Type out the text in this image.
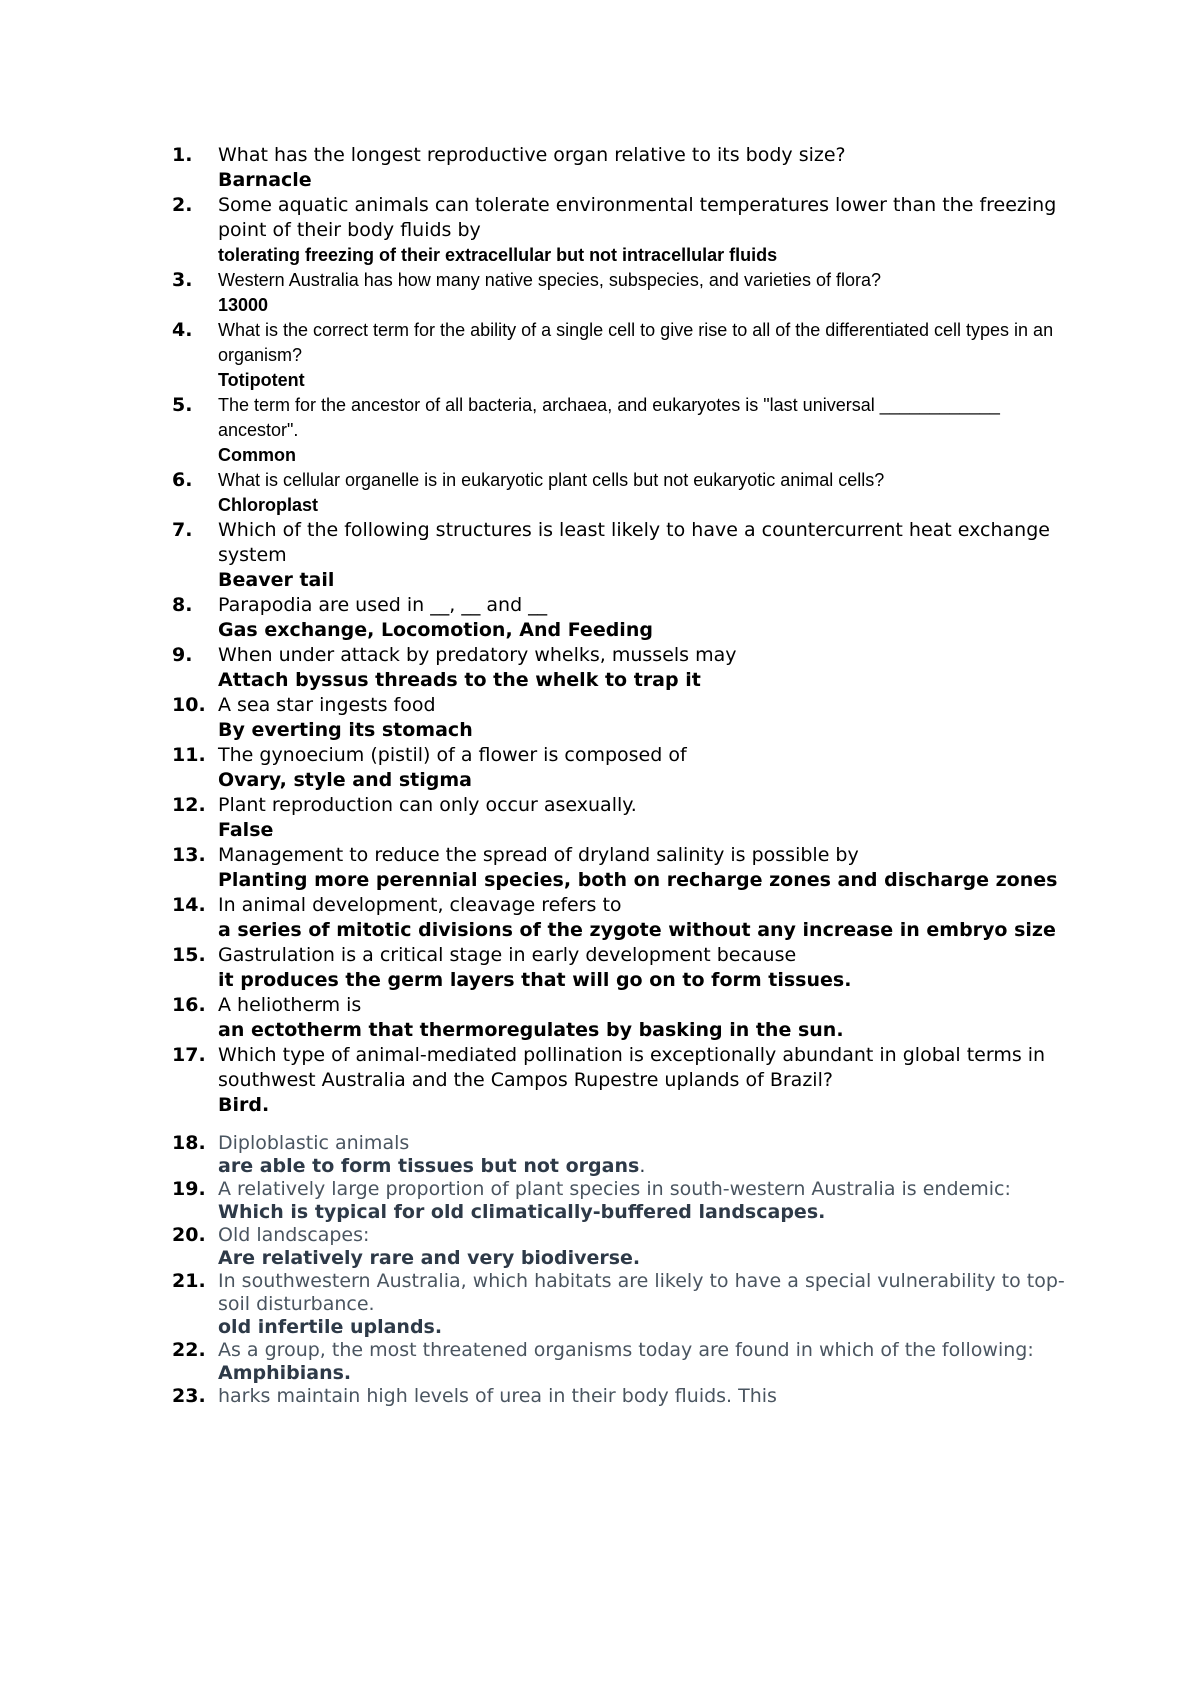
1.	What has the longest reproductive organ relative to its body size?
Barnacle
2.	Some aquatic animals can tolerate environmental temperatures lower than the freezing point of their body fluids by
tolerating freezing of their extracellular but not intracellular fluids
3.	Western Australia has how many native species, subspecies, and varieties of flora?
13000
4.	What is the correct term for the ability of a single cell to give rise to all of the differentiated cell types in an organism?
Totipotent
5.	The term for the ancestor of all bacteria, archaea, and eukaryotes is "last universal ____________ ancestor".
Common
6.	What is cellular organelle is in eukaryotic plant cells but not eukaryotic animal cells?
Chloroplast
7.	Which of the following structures is least likely to have a countercurrent heat exchange system
Beaver tail
8.	Parapodia are used in __, __ and __
Gas exchange, Locomotion, And Feeding
9.	When under attack by predatory whelks, mussels may
Attach byssus threads to the whelk to trap it
10. A sea star ingests food
By everting its stomach
11. The gynoecium (pistil) of a flower is composed of
Ovary, style and stigma
12. Plant reproduction can only occur asexually.
False
13. Management to reduce the spread of dryland salinity is possible by
Planting more perennial species, both on recharge zones and discharge zones
14. In animal development, cleavage refers to
a series of mitotic divisions of the zygote without any increase in embryo size
15. Gastrulation is a critical stage in early development because
it produces the germ layers that will go on to form tissues.
16. A heliotherm is
an ectotherm that thermoregulates by basking in the sun.
17. Which type of animal-mediated pollination is exceptionally abundant in global terms in southwest Australia and the Campos Rupestre uplands of Brazil?
Bird.
18. Diploblastic animals
are able to form tissues but not organs.
19. A relatively large proportion of plant species in south-western Australia is endemic:
Which is typical for old climatically-buffered landscapes.
20. Old landscapes:
Are relatively rare and very biodiverse.
21. In southwestern Australia, which habitats are likely to have a special vulnerability to top-soil disturbance.
old infertile uplands.
22. As a group, the most threatened organisms today are found in which of the following:
Amphibians.
23. harks maintain high levels of urea in their body fluids. This
